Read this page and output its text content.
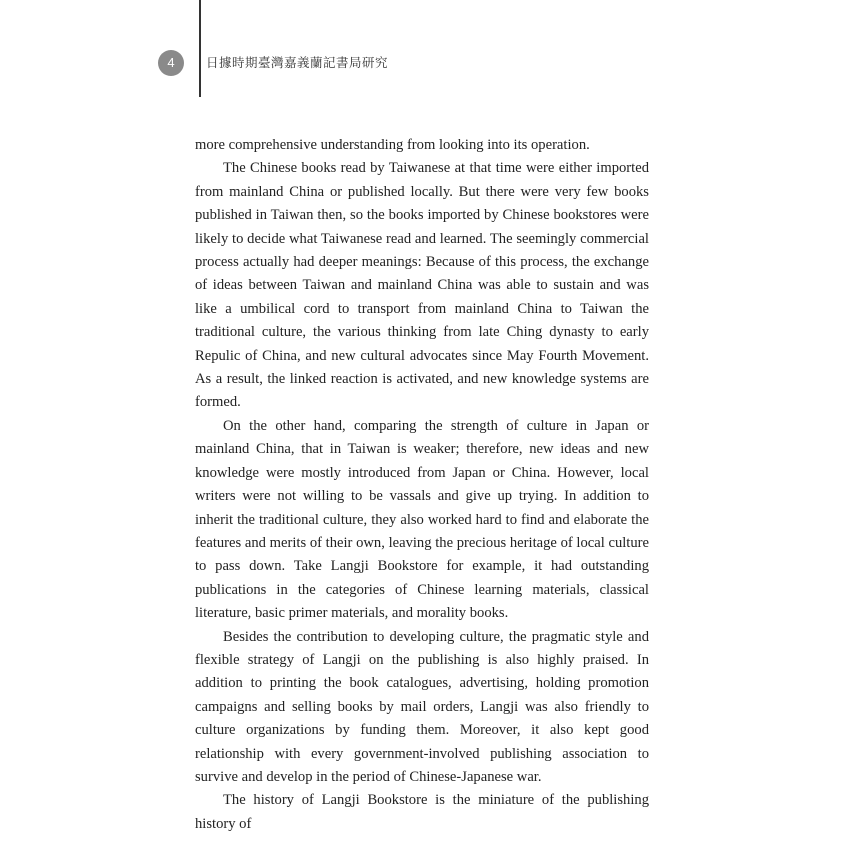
4	日據時期臺灣嘉義蘭記書局研究

more comprehensive understanding from looking into its operation.

The Chinese books read by Taiwanese at that time were either imported from mainland China or published locally. But there were very few books published in Taiwan then, so the books imported by Chinese bookstores were likely to decide what Taiwanese read and learned. The seemingly commercial process actually had deeper meanings: Because of this process, the exchange of ideas between Taiwan and mainland China was able to sustain and was like a umbilical cord to transport from mainland China to Taiwan the traditional culture, the various thinking from late Ching dynasty to early Repulic of China, and new cultural advocates since May Fourth Movement. As a result, the linked reaction is activated, and new knowledge systems are formed.

On the other hand, comparing the strength of culture in Japan or mainland China, that in Taiwan is weaker; therefore, new ideas and new knowledge were mostly introduced from Japan or China. However, local writers were not willing to be vassals and give up trying. In addition to inherit the traditional culture, they also worked hard to find and elaborate the features and merits of their own, leaving the precious heritage of local culture to pass down. Take Langji Bookstore for example, it had outstanding publications in the categories of Chinese learning materials, classical literature, basic primer materials, and morality books.

Besides the contribution to developing culture, the pragmatic style and flexible strategy of Langji on the publishing is also highly praised. In addition to printing the book catalogues, advertising, holding promotion campaigns and selling books by mail orders, Langji was also friendly to culture organizations by funding them. Moreover, it also kept good relationship with every government-involved publishing association to survive and develop in the period of Chinese-Japanese war.

The history of Langji Bookstore is the miniature of the publishing history of
